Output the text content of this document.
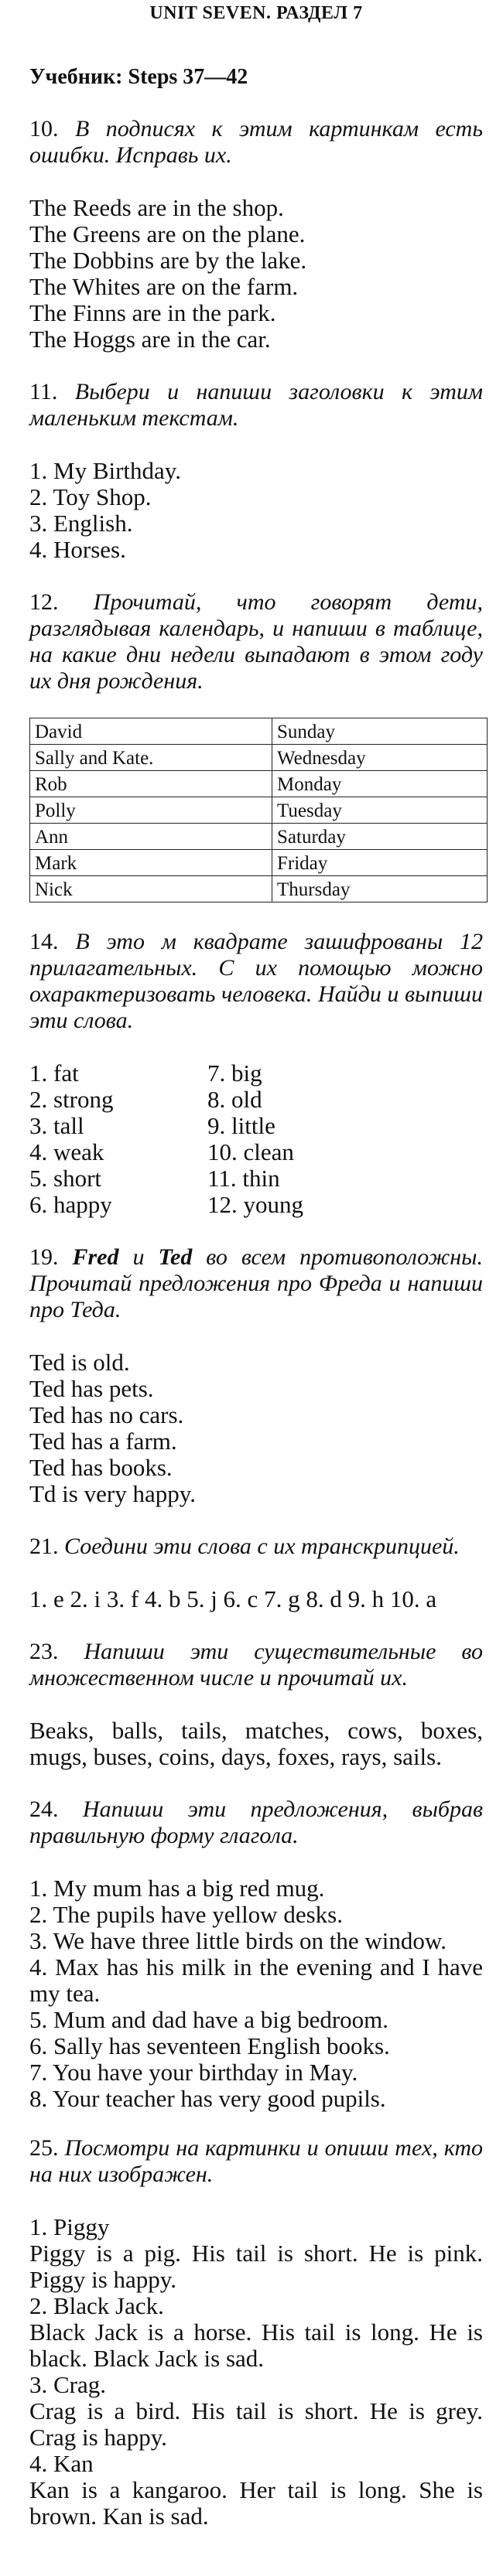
UNIT SEVEN. РАЗДЕЛ 7
Учебник: Steps 37—42

10. В подписях к этим картинкам есть ошибки. Исправь их.

The Reeds are in the shop.
The Greens are on the plane.
The Dobbins are by the lake.
The Whites are on the farm.
The Finns are in the park.
The Hoggs are in the car.

11. Выбери и напиши заголовки к этим маленьким текстам.

1. My Birthday.
2. Toy Shop.
3. English.
4. Horses.

12. Прочитай, что говорят дети, разглядывая календарь, и напиши в таблице, на какие дни недели выпадают в этом году их дня рождения.

David	Sunday
Sally and Kate.	Wednesday
Rob	Monday
Polly	Tuesday
Ann	Saturday
Mark	Friday
Nick	Thursday

14. В это м квадрате зашифрованы 12 прилагательных. С их помощью можно охарактеризовать человека. Найди и выпиши эти слова.

1. fat
2. strong
3. tall
4. weak
5. short
6. happy
7. big
8. old
9. little
10. clean
11. thin
12. young

19. Fred и Ted во всем противоположны. Прочитай предложения про Фреда и напиши про Теда.

Ted is old.
Ted has pets.
Ted has no cars.
Ted has a farm.
Ted has books.
Td is very happy.

21. Соедини эти слова с их транскрипцией.

1. e 2. i 3. f 4. b 5. j 6. c 7. g 8. d 9. h 10. a

23. Напиши эти существительные во множественном числе и прочитай их.

Beaks, balls, tails, matches, cows, boxes, mugs, buses, coins, days, foxes, rays, sails.

24. Напиши эти предложения, выбрав правильную форму глагола.

1. My mum has a big red mug.

2. The pupils have yellow desks.

3. We have three little birds on the window.

4. Max has his milk in the evening and I have my tea.

5. Mum and dad have a big bedroom.

6. Sally has seventeen English books.

7. You have your birthday in May.

8. Your teacher has very good pupils.

25. Посмотри на картинки и опиши тех, кто на них изображен.

1. Piggy

Piggy is a pig. His tail is short. He is pink. Piggy is happy.

2. Black Jack.

Black Jack is a horse. His tail is long. He is black. Black Jack is sad.

3. Crag.

Crag is a bird. His tail is short. He is grey. Crag is happy.

4. Kan

Kan is a kangaroo. Her tail is long. She is brown. Kan is sad.
